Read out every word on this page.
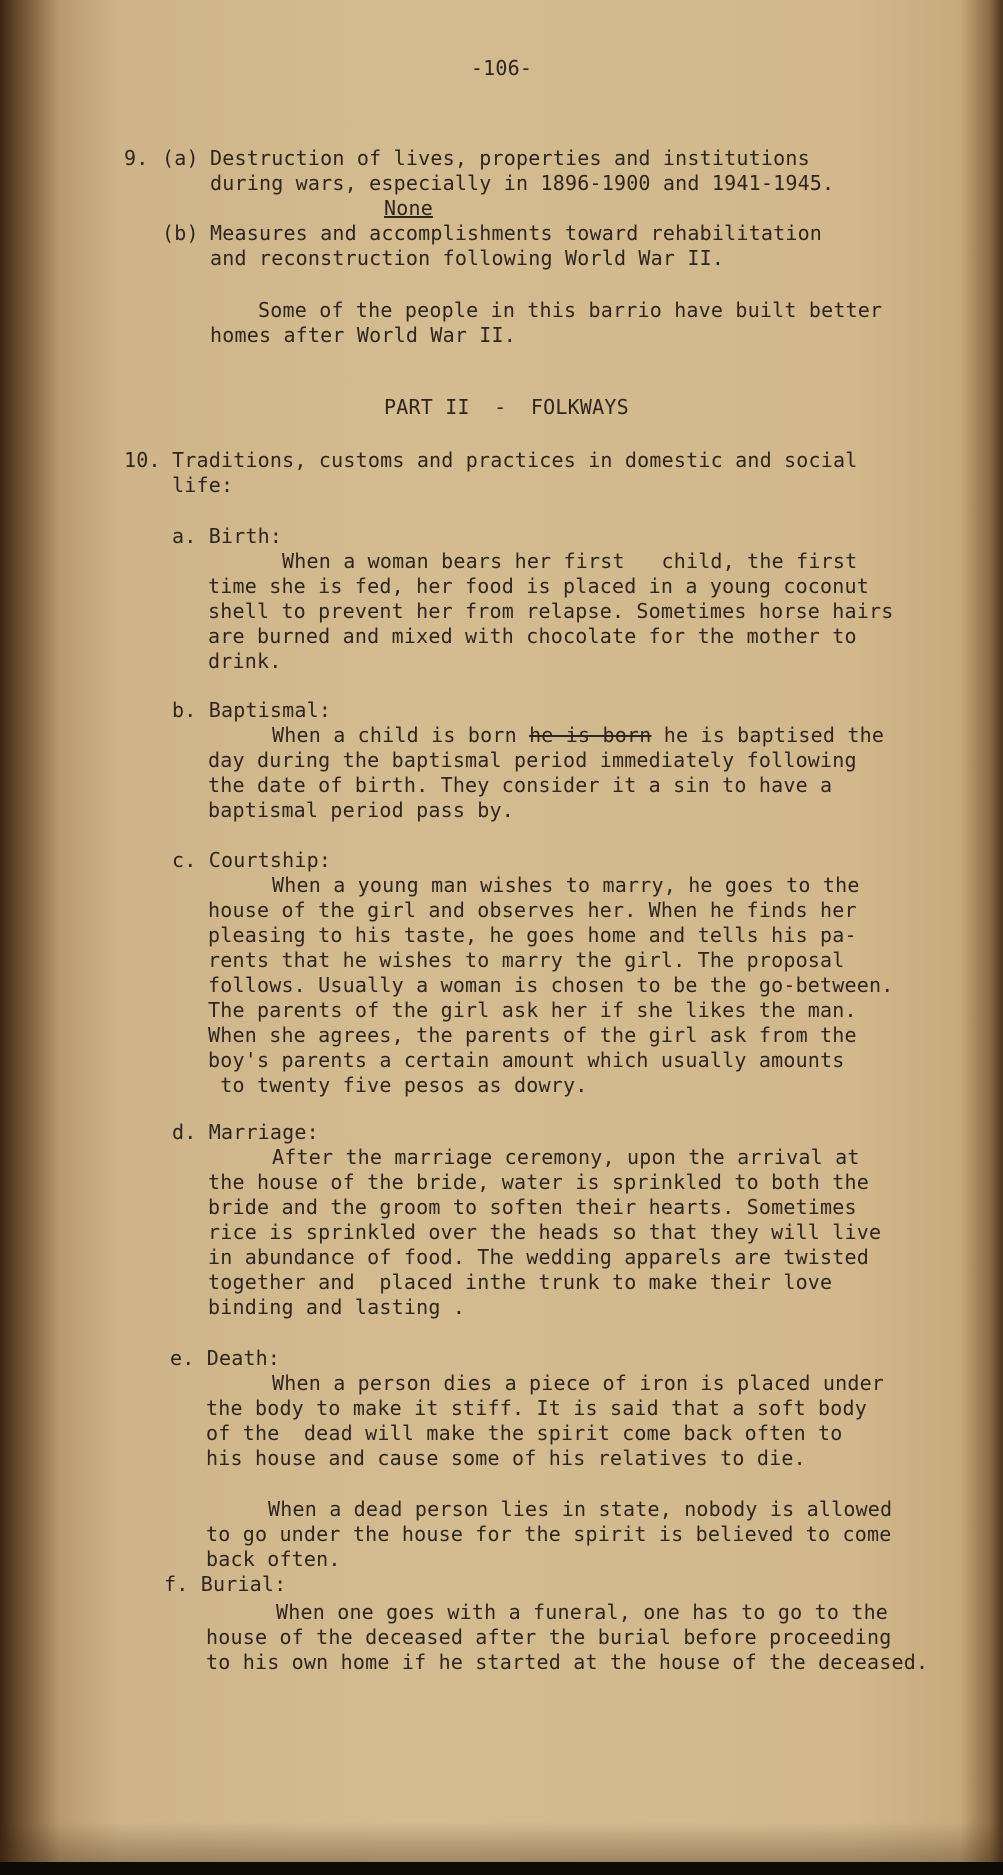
-106-

9. (a) Destruction of lives, properties and institutions

during wars, especially in 1896-1900 and 1941-1945.

None

(b) Measures and accomplishments toward rehabilitation

and reconstruction following World War II.

Some of the people in this barrio have built better

homes after World War II.

PART II  -  FOLKWAYS

10. Traditions, customs and practices in domestic and social

life:

a. Birth:

When a woman bears her first   child, the first

time she is fed, her food is placed in a young coconut

shell to prevent her from relapse. Sometimes horse hairs

are burned and mixed with chocolate for the mother to

drink.

b. Baptismal:

When a child is born he is born he is baptised the

day during the baptismal period immediately following

the date of birth. They consider it a sin to have a

baptismal period pass by.

c. Courtship:

When a young man wishes to marry, he goes to the

house of the girl and observes her. When he finds her

pleasing to his taste, he goes home and tells his pa-

rents that he wishes to marry the girl. The proposal

follows. Usually a woman is chosen to be the go-between.

The parents of the girl ask her if she likes the man.

When she agrees, the parents of the girl ask from the

boy's parents a certain amount which usually amounts

to twenty five pesos as dowry.

d. Marriage:

After the marriage ceremony, upon the arrival at

the house of the bride, water is sprinkled to both the

bride and the groom to soften their hearts. Sometimes

rice is sprinkled over the heads so that they will live

in abundance of food. The wedding apparels are twisted

together and  placed inthe trunk to make their love

binding and lasting .

e. Death:

When a person dies a piece of iron is placed under

the body to make it stiff. It is said that a soft body

of the  dead will make the spirit come back often to

his house and cause some of his relatives to die.

When a dead person lies in state, nobody is allowed

to go under the house for the spirit is believed to come

back often.

f. Burial:

When one goes with a funeral, one has to go to the

house of the deceased after the burial before proceeding

to his own home if he started at the house of the deceased.
